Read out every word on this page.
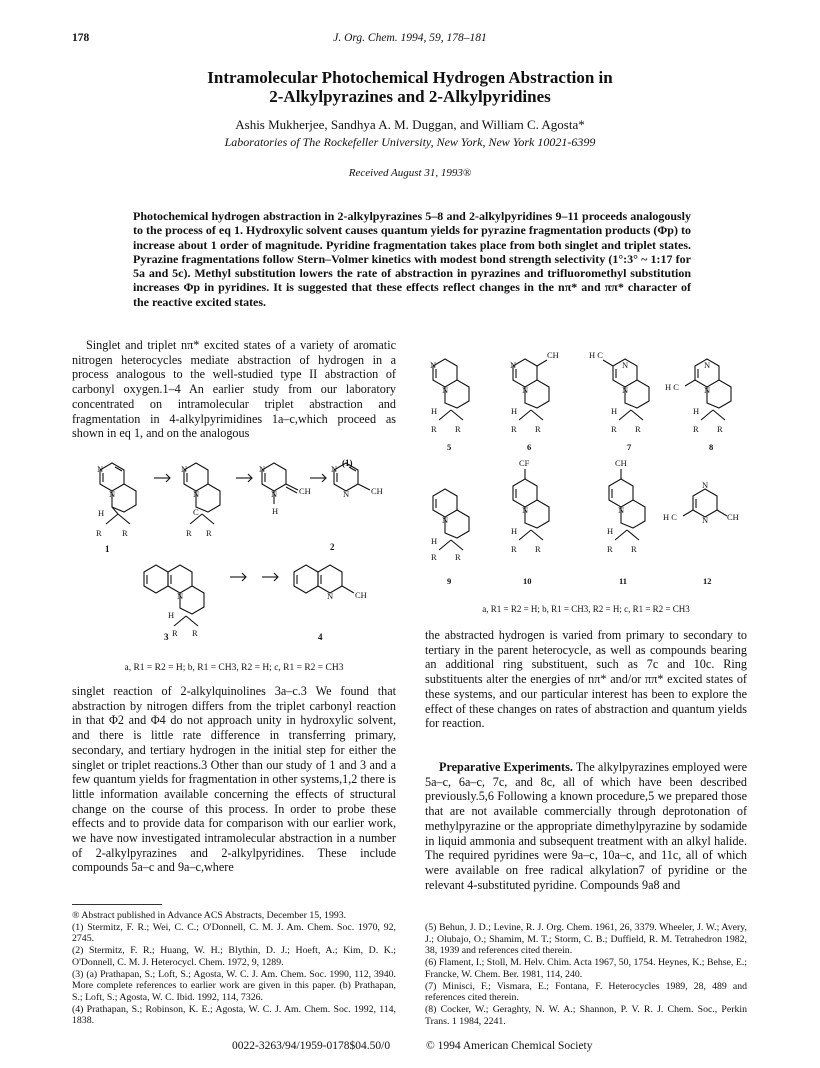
178	J. Org. Chem. 1994, 59, 178–181
Intramolecular Photochemical Hydrogen Abstraction in
2-Alkylpyrazines and 2-Alkylpyridines
Ashis Mukherjee, Sandhya A. M. Duggan, and William C. Agosta*
Laboratories of The Rockefeller University, New York, New York 10021-6399
Received August 31, 1993®
Photochemical hydrogen abstraction in 2-alkylpyrazines 5–8 and 2-alkylpyridines 9–11 proceeds analogously to the process of eq 1. Hydroxylic solvent causes quantum yields for pyrazine fragmentation products (Φp) to increase about 1 order of magnitude. Pyridine fragmentation takes place from both singlet and triplet states. Pyrazine fragmentations follow Stern–Volmer kinetics with modest bond strength selectivity (1°:3° ~ 1:17 for 5a and 5c). Methyl substitution lowers the rate of abstraction in pyrazines and trifluoromethyl substitution increases Φp in pyridines. It is suggested that these effects reflect changes in the nπ* and ππ* character of the reactive excited states.
Singlet and triplet nπ* excited states of a variety of aromatic nitrogen heterocycles mediate abstraction of hydrogen in a process analogous to the well-studied type II abstraction of carbonyl oxygen.1–4 An earlier study from our laboratory concentrated on intramolecular triplet abstraction and fragmentation in 4-alkylpyrimidines 1a–c,which proceed as shown in eq 1, and on the analogous
N
N
H
R R
N
N
C
R R
N
N	CH
H
N
N	CH
N
H
R R
N	CH
(1)
1	2
3	4
a, R1 = R2 = H; b, R1 = CH3, R2 = H; c, R1 = R2 = CH3
singlet reaction of 2-alkylquinolines 3a–c.3 We found that abstraction by nitrogen differs from the triplet carbonyl reaction in that Φ2 and Φ4 do not approach unity in hydroxylic solvent, and there is little rate difference in transferring primary, secondary, and tertiary hydrogen in the initial step for either the singlet or triplet reactions.3 Other than our study of 1 and 3 and a few quantum yields for fragmentation in other systems,1,2 there is little information available concerning the effects of structural change on the course of this process. In order to probe these effects and to provide data for comparison with our earlier work, we have now investigated intramolecular abstraction in a number of 2-alkylpyrazines and 2-alkylpyridines. These include compounds 5a–c and 9a–c,where
N
N
H
R R
N
N
CH
H
R R
H C
N
N
H
R R
N
N
H C
H
R R
N
H
R R
CF
N
H
R R
CH
N
H
R R
N
N
H C	CH
5	6	7	8
9	10	11	12
a, R1 = R2 = H; b, R1 = CH3, R2 = H; c, R1 = R2 = CH3
the abstracted hydrogen is varied from primary to secondary to tertiary in the parent heterocycle, as well as compounds bearing an additional ring substituent, such as 7c and 10c. Ring substituents alter the energies of nπ* and/or ππ* excited states of these systems, and our particular interest has been to explore the effect of these changes on rates of abstraction and quantum yields for reaction.
Preparative Experiments. The alkylpyrazines employed were 5a–c, 6a–c, 7c, and 8c, all of which have been described previously.5,6 Following a known procedure,5 we prepared those that are not available commercially through deprotonation of methylpyrazine or the appropriate dimethylpyrazine by sodamide in liquid ammonia and subsequent treatment with an alkyl halide. The required pyridines were 9a–c, 10a–c, and 11c, all of which were available on free radical alkylation7 of pyridine or the relevant 4-substituted pyridine. Compounds 9a8 and
® Abstract published in Advance ACS Abstracts, December 15, 1993.
(1) Stermitz, F. R.; Wei, C. C.; O'Donnell, C. M. J. Am. Chem. Soc. 1970, 92, 2745.
(2) Stermitz, F. R.; Huang, W. H.; Blythin, D. J.; Hoeft, A.; Kim, D. K.; O'Donnell, C. M. J. Heterocycl. Chem. 1972, 9, 1289.
(3) (a) Prathapan, S.; Loft, S.; Agosta, W. C. J. Am. Chem. Soc. 1990, 112, 3940. More complete references to earlier work are given in this paper. (b) Prathapan, S.; Loft, S.; Agosta, W. C. Ibid. 1992, 114, 7326.
(4) Prathapan, S.; Robinson, K. E.; Agosta, W. C. J. Am. Chem. Soc. 1992, 114, 1838.
(5) Behun, J. D.; Levine, R. J. Org. Chem. 1961, 26, 3379. Wheeler, J. W.; Avery, J.; Olubajo, O.; Shamim, M. T.; Storm, C. B.; Duffield, R. M. Tetrahedron 1982, 38, 1939 and references cited therein.
(6) Flament, I.; Stoll, M. Helv. Chim. Acta 1967, 50, 1754. Heynes, K.; Behse, E.; Francke, W. Chem. Ber. 1981, 114, 240.
(7) Minisci, F.; Vismara, E.; Fontana, F. Heterocycles 1989, 28, 489 and references cited therein.
(8) Cocker, W.; Geraghty, N. W. A.; Shannon, P. V. R. J. Chem. Soc., Perkin Trans. 1 1984, 2241.
0022-3263/94/1959-0178$04.50/0	© 1994 American Chemical Society
